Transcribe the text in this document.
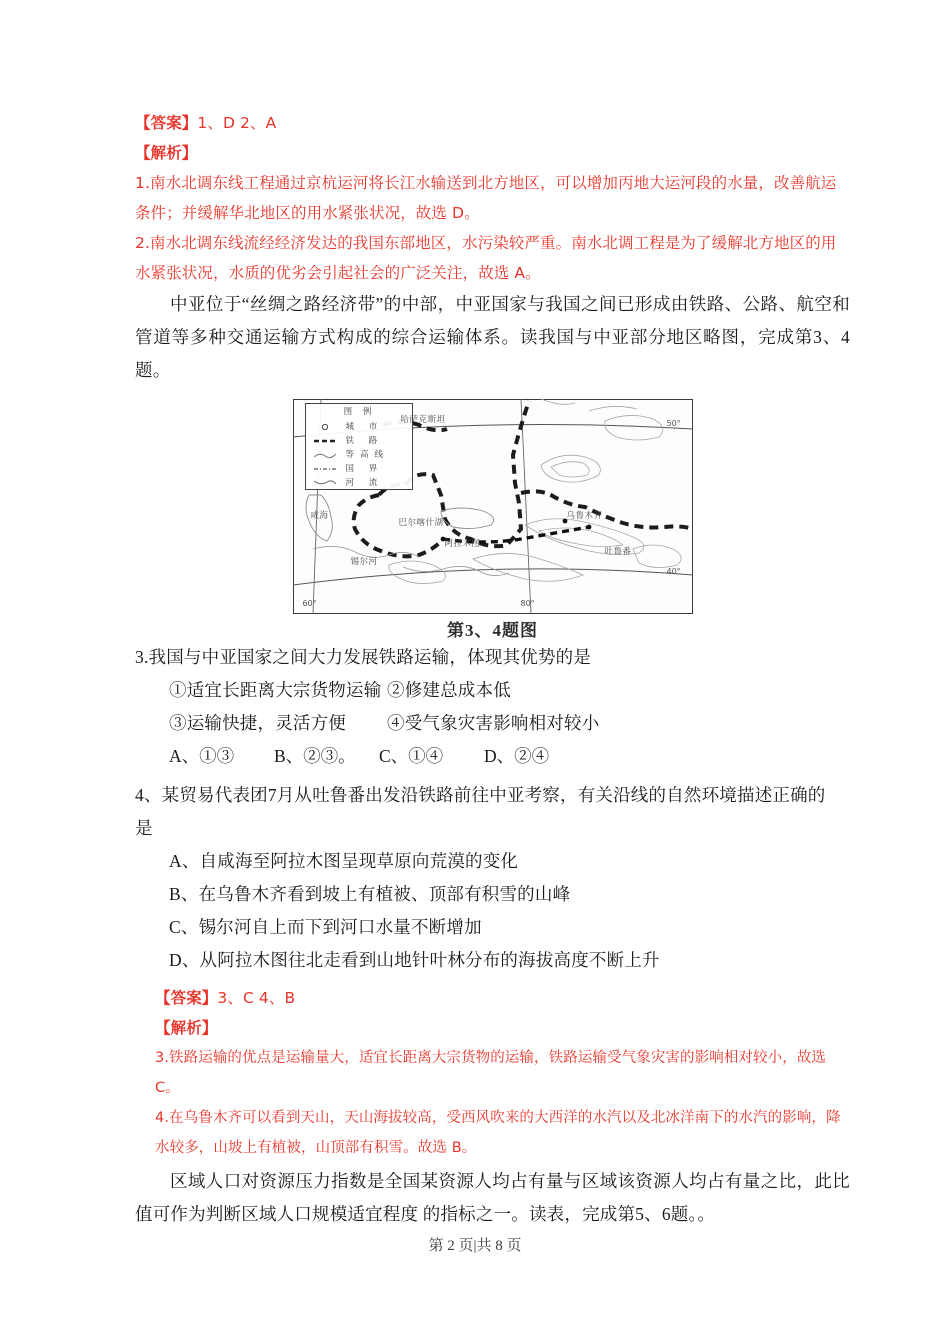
【答案】1、D 2、A
【解析】
1.南水北调东线工程通过京杭运河将长江水输送到北方地区，可以增加丙地大运河段的水量，改善航运条件；并缓解华北地区的用水紧张状况，故选 D。
2.南水北调东线流经经济发达的我国东部地区，水污染较严重。南水北调工程是为了缓解北方地区的用水紧张状况，水质的优劣会引起社会的广泛关注，故选 A。

中亚位于“丝绸之路经济带”的中部，中亚国家与我国之间已形成由铁路、公路、航空和管道等多种交通运输方式构成的综合运输体系。读我国与中亚部分地区略图，完成第3、4题。

图 例
城 市
铁 路
等高线
国 界
河 流
哈萨克斯坦
咸海
巴尔喀什湖
阿拉木图
乌鲁木齐
吐鲁番
锡尔河
50°
40°
60°	80°
第3、4题图
3.我国与中亚国家之间大力发展铁路运输，体现其优势的是
①适宜长距离大宗货物运输 ②修建总成本低
③运输快捷，灵活方便	④受气象灾害影响相对较小
A、①③	B、②③。	C、①④	D、②④
4、某贸易代表团7月从吐鲁番出发沿铁路前往中亚考察，有关沿线的自然环境描述正确的
是
A、自咸海至阿拉木图呈现草原向荒漠的变化
B、在乌鲁木齐看到坡上有植被、顶部有积雪的山峰
C、锡尔河自上而下到河口水量不断增加
D、从阿拉木图往北走看到山地针叶林分布的海拔高度不断上升
【答案】3、C 4、B
【解析】
3.铁路运输的优点是运输量大，适宜长距离大宗货物的运输，铁路运输受气象灾害的影响相对较小，故选 C。
4.在乌鲁木齐可以看到天山，天山海拔较高，受西风吹来的大西洋的水汽以及北冰洋南下的水汽的影响，降水较多，山坡上有植被，山顶部有积雪。故选 B。

区域人口对资源压力指数是全国某资源人均占有量与区域该资源人均占有量之比，此比值可作为判断区域人口规模适宜程度 的指标之一。读表，完成第5、6题。。

第 2 页|共 8 页
